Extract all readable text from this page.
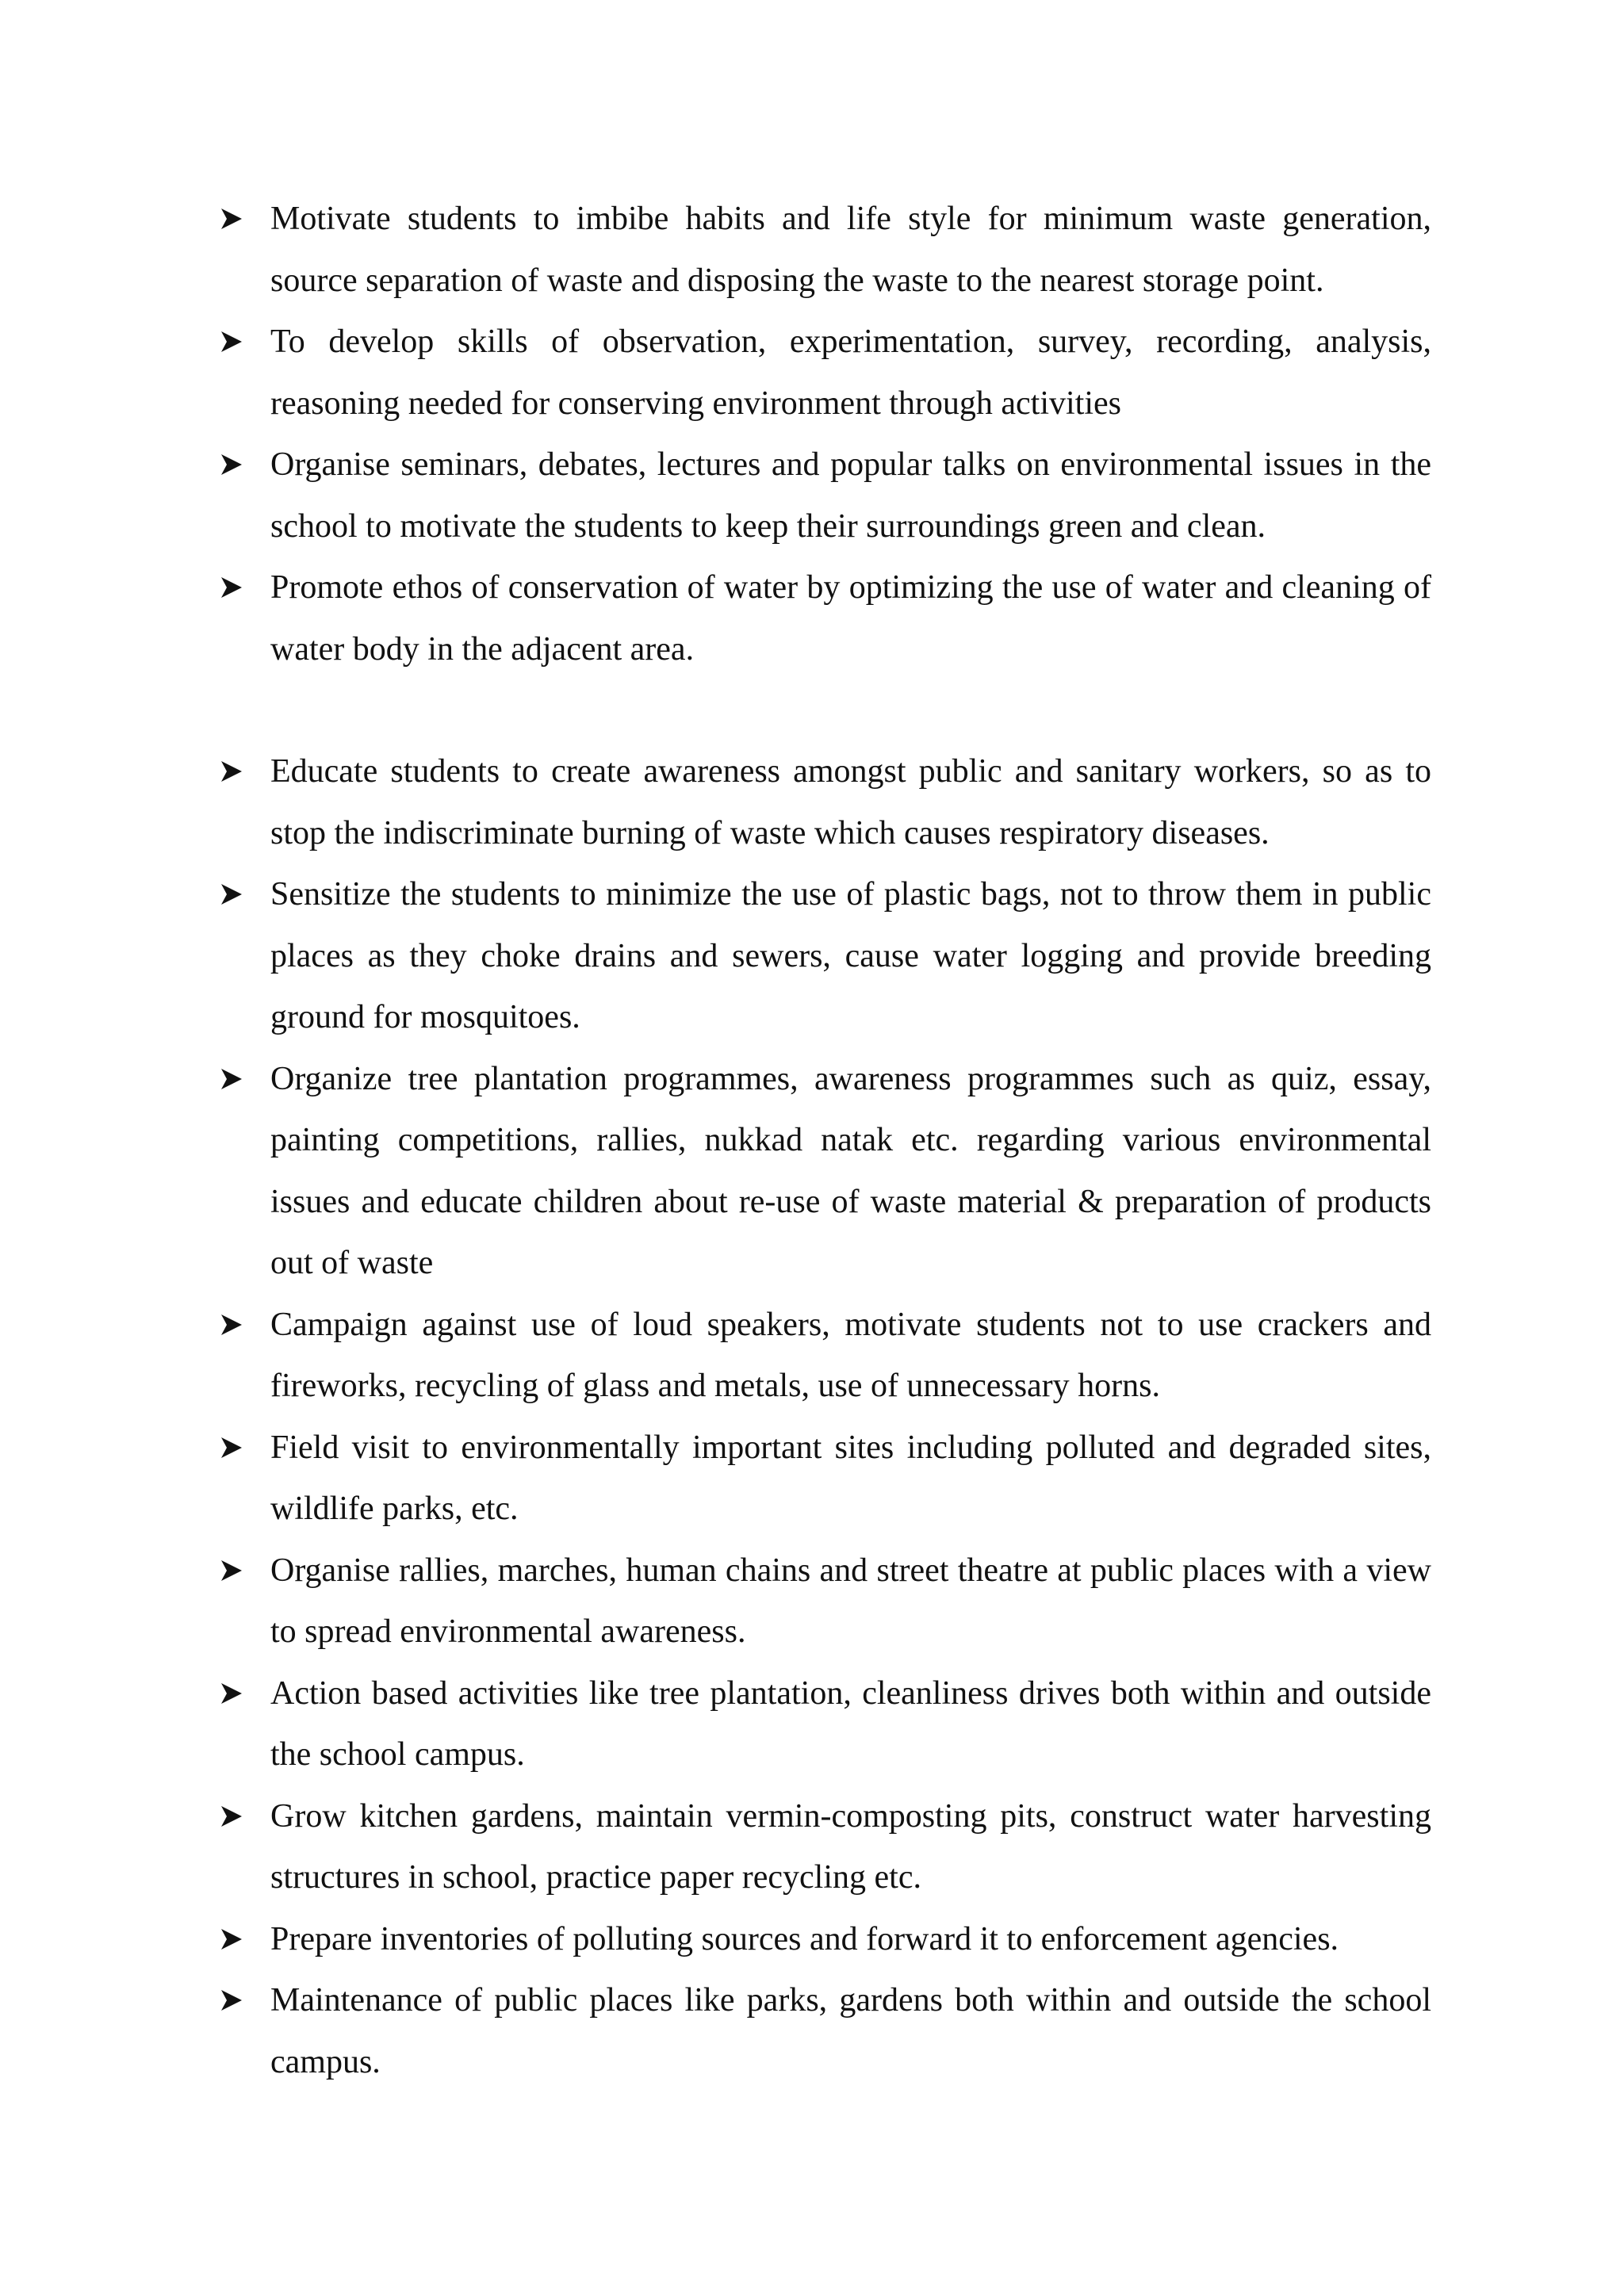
Motivate students to imbibe habits and life style for minimum waste generation, source separation of waste and disposing the waste to the nearest storage point.
To develop skills of observation, experimentation, survey, recording, analysis, reasoning needed for conserving environment through activities
Organise seminars, debates, lectures and popular talks on environmental issues in the school to motivate the students to keep their surroundings green and clean.
Promote ethos of conservation of water by optimizing the use of water and cleaning of water body in the adjacent area.
Educate students to create awareness amongst public and sanitary workers, so as to stop the indiscriminate burning of waste which causes respiratory diseases.
Sensitize the students to minimize the use of plastic bags, not to throw them in public places as they choke drains and sewers, cause water logging and provide breeding ground for mosquitoes.
Organize tree plantation programmes, awareness programmes such as quiz, essay, painting competitions, rallies, nukkad natak etc. regarding various environmental issues and educate children about re-use of waste material & preparation of products out of waste
Campaign against use of loud speakers, motivate students not to use crackers and fireworks, recycling of glass and metals, use of unnecessary horns.
Field visit to environmentally important sites including polluted and degraded sites, wildlife parks, etc.
Organise rallies, marches, human chains and street theatre at public places with a view to spread environmental awareness.
Action based activities like tree plantation, cleanliness drives both within and outside the school campus.
Grow kitchen gardens, maintain vermin-composting pits, construct water harvesting structures in school, practice paper recycling etc.
Prepare inventories of polluting sources and forward it to enforcement agencies.
Maintenance of public places like parks, gardens both within and outside the school campus.
